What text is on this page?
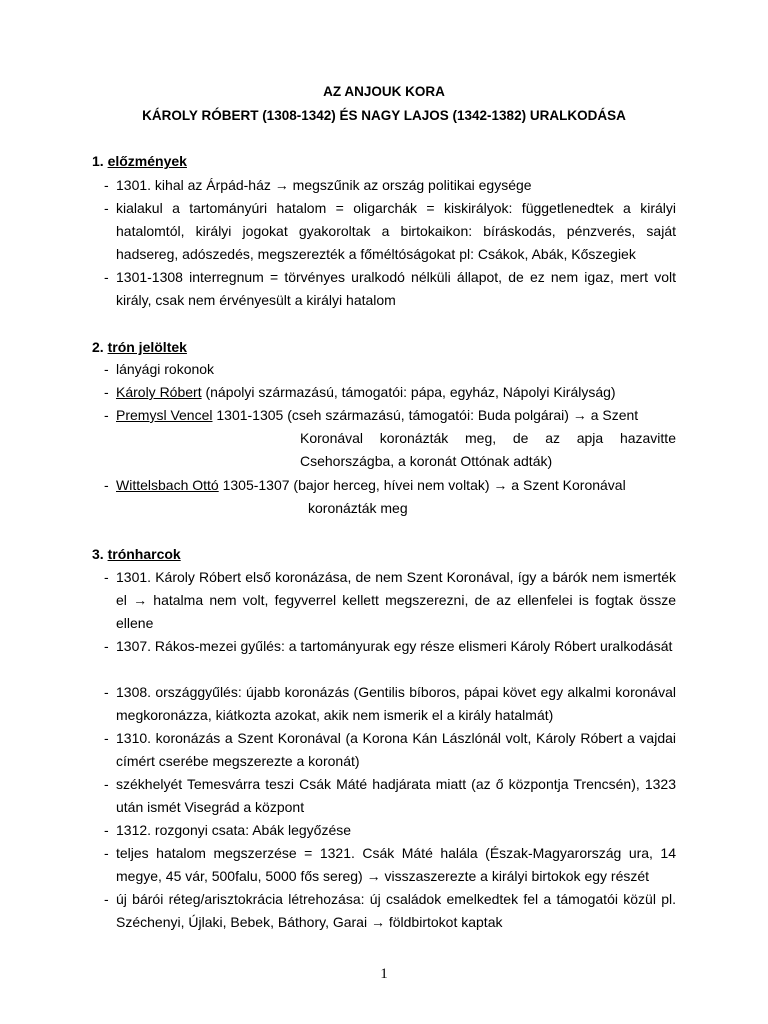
AZ ANJOUK KORA
KÁROLY RÓBERT (1308-1342) ÉS NAGY LAJOS (1342-1382) URALKODÁSA
1. előzmények
- 1301. kihal az Árpád-ház → megszűnik az ország politikai egysége
- kialakul a tartományúri hatalom = oligarchák = kiskirályok: függetlenedtek a királyi hatalomtól, királyi jogokat gyakoroltak a birtokaikon: bíráskodás, pénzverés, saját hadsereg, adószedés, megszerezték a főméltóságokat pl: Csákok, Abák, Kőszegiek
- 1301-1308 interregnum = törvényes uralkodó nélküli állapot, de ez nem igaz, mert volt király, csak nem érvényesült a királyi hatalom
2. trón jelöltek
- lányági rokonok
- Károly Róbert (nápolyi származású, támogatói: pápa, egyház, Nápolyi Királyság)
- Premysl Vencel 1301-1305 (cseh származású, támogatói: Buda polgárai) → a Szent
Koronával koronázták meg, de az apja hazavitte Csehországba, a koronát Ottónak adták)
- Wittelsbach Ottó 1305-1307 (bajor herceg, hívei nem voltak) → a Szent Koronával
koronázták meg
3. trónharcok
- 1301. Károly Róbert első koronázása, de nem Szent Koronával, így a bárók nem ismerték el → hatalma nem volt, fegyverrel kellett megszerezni, de az ellenfelei is fogtak össze ellene
- 1307. Rákos-mezei gyűlés: a tartományurak egy része elismeri Károly Róbert uralkodását
- 1308. országgyűlés: újabb koronázás (Gentilis bíboros, pápai követ egy alkalmi koronával megkoronázza, kiátkozta azokat, akik nem ismerik el a király hatalmát)
- 1310. koronázás a Szent Koronával (a Korona Kán Lászlónál volt, Károly Róbert a vajdai címért cserébe megszerezte a koronát)
- székhelyét Temesvárra teszi Csák Máté hadjárata miatt (az ő központja Trencsén), 1323 után ismét Visegrád a központ
- 1312. rozgonyi csata: Abák legyőzése
- teljes hatalom megszerzése = 1321. Csák Máté halála (Észak-Magyarország ura, 14 megye, 45 vár, 500falu, 5000 fős sereg) → visszaszerezte a királyi birtokok egy részét
- új bárói réteg/arisztokrácia létrehozása: új családok emelkedtek fel a támogatói közül pl. Széchenyi, Újlaki, Bebek, Báthory, Garai → földbirtokot kaptak
1
